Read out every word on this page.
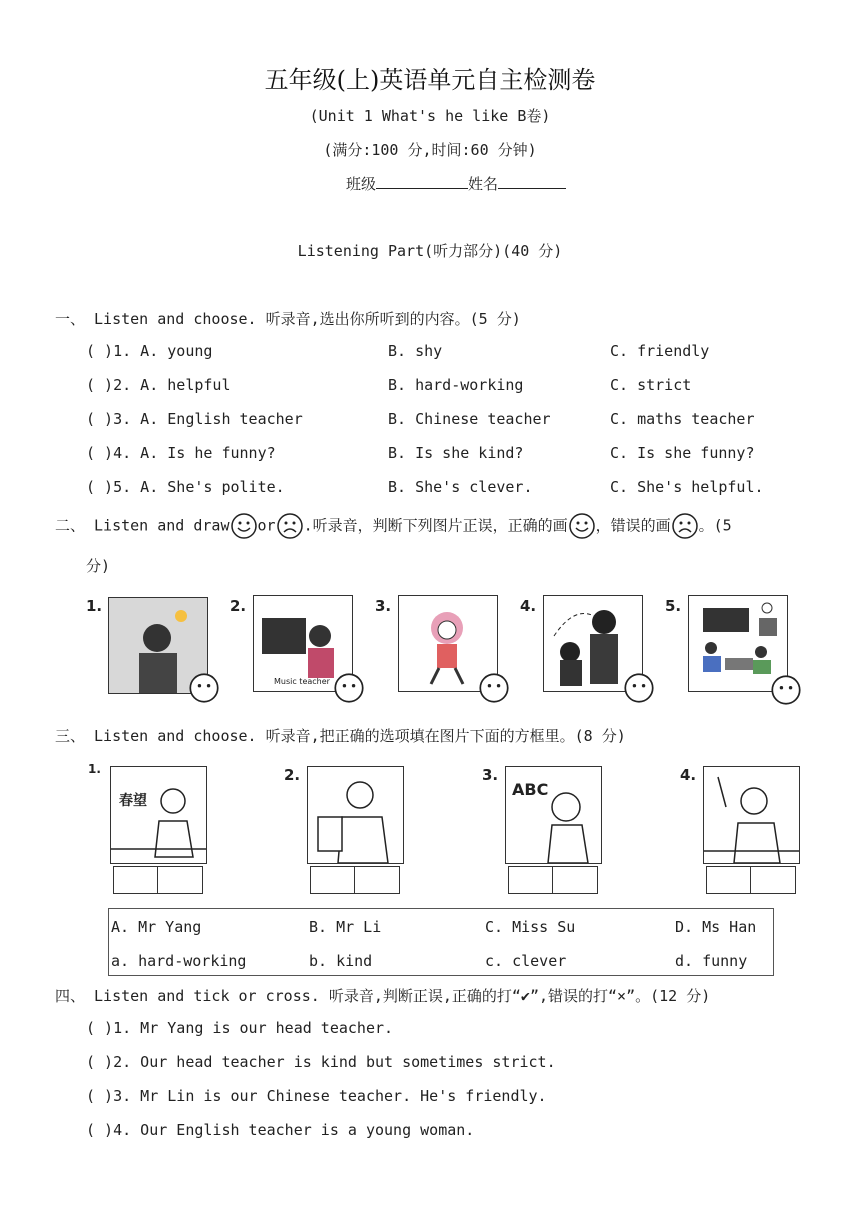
五年级(上)英语单元自主检测卷
(Unit 1 What's he like B卷)
(满分:100 分,时间:60 分钟)
班级	姓名
Listening Part(听力部分)(40 分)
一、 Listen and choose. 听录音,选出你所听到的内容。(5 分)
( )1. A. young	B. shy	C. friendly
( )2. A. helpful	B. hard-working	C. strict
( )3. A. English teacher	B. Chinese teacher	C. maths teacher
( )4. A. Is he funny?	B. Is she kind?	C. Is she funny?
( )5. A. She's polite.	B. She's clever.	C. She's helpful.
二、 Listen and draw or .听录音，判断下列图片正误，正确的画 ，错误的画 。(5
分)
1.	2.
Music teacher
3.	4.	5.
三、 Listen and choose. 听录音,把正确的选项填在图片下面的方框里。(8 分)
1.
春望
2.	3.
ABC
4.
A. Mr Yang	B. Mr Li	C. Miss Su	D. Ms Han
a. hard-working	b. kind	c. clever	d. funny
四、 Listen and tick or cross. 听录音,判断正误,正确的打“✔”,错误的打“×”。(12 分)
( )1. Mr Yang is our head teacher.
( )2. Our head teacher is kind but sometimes strict.
( )3. Mr Lin is our Chinese teacher. He's friendly.
( )4. Our English teacher is a young woman.
